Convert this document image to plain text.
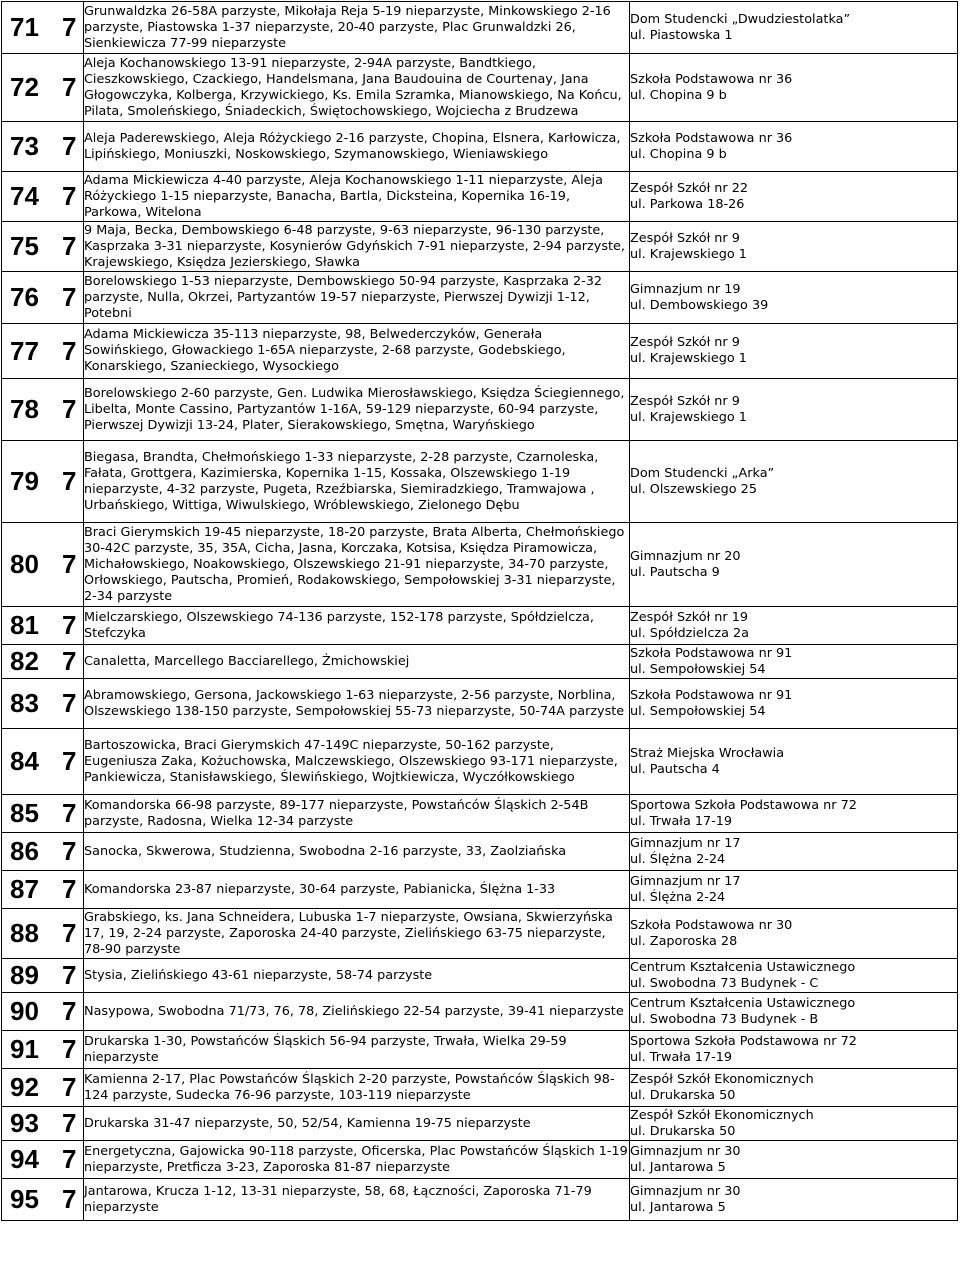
71 7	Grunwaldzka 26-58A parzyste, Mikołaja Reja 5-19 nieparzyste, Minkowskiego 2-16 parzyste, Piastowska 1-37 nieparzyste, 20-40 parzyste, Plac Grunwaldzki 26, Sienkiewicza 77-99 nieparzyste	Dom Studencki „Dwudziestolatka”
ul. Piastowska 1

72 7	Aleja Kochanowskiego 13-91 nieparzyste, 2-94A parzyste, Bandtkiego, Cieszkowskiego, Czackiego, Handelsmana, Jana Baudouina de Courtenay, Jana Głogowczyka, Kolberga, Krzywickiego, Ks. Emila Szramka, Mianowskiego, Na Końcu, Pilata, Smoleńskiego, Śniadeckich, Świętochowskiego, Wojciecha z Brudzewa	Szkoła Podstawowa nr 36
ul. Chopina 9 b

73 7	Aleja Paderewskiego, Aleja Różyckiego 2-16 parzyste, Chopina, Elsnera, Karłowicza, Lipińskiego, Moniuszki, Noskowskiego, Szymanowskiego, Wieniawskiego	Szkoła Podstawowa nr 36
ul. Chopina 9 b

74 7	Adama Mickiewicza 4-40 parzyste, Aleja Kochanowskiego 1-11 nieparzyste, Aleja Różyckiego 1-15 nieparzyste, Banacha, Bartla, Dicksteina, Kopernika 16-19, Parkowa, Witelona	Zespół Szkół nr 22
ul. Parkowa 18-26

75 7	9 Maja, Becka, Dembowskiego 6-48 parzyste, 9-63 nieparzyste, 96-130 parzyste, Kasprzaka 3-31 nieparzyste, Kosynierów Gdyńskich 7-91 nieparzyste, 2-94 parzyste, Krajewskiego, Księdza Jezierskiego, Sławka	Zespół Szkół nr 9
ul. Krajewskiego 1

76 7	Borelowskiego 1-53 nieparzyste, Dembowskiego 50-94 parzyste, Kasprzaka 2-32 parzyste, Nulla, Okrzei, Partyzantów 19-57 nieparzyste, Pierwszej Dywizji 1-12, Potebni	Gimnazjum nr 19
ul. Dembowskiego 39

77 7	Adama Mickiewicza 35-113 nieparzyste, 98, Belwederczyków, Generała Sowińskiego, Głowackiego 1-65A nieparzyste, 2-68 parzyste, Godebskiego, Konarskiego, Szanieckiego, Wysockiego	Zespół Szkół nr 9
ul. Krajewskiego 1

78 7	Borelowskiego 2-60 parzyste, Gen. Ludwika Mierosławskiego, Księdza Ściegiennego, Libelta, Monte Cassino, Partyzantów 1-16A, 59-129 nieparzyste, 60-94 parzyste, Pierwszej Dywizji 13-24, Plater, Sierakowskiego, Smętna, Waryńskiego	Zespół Szkół nr 9
ul. Krajewskiego 1

79 7	Biegasa, Brandta, Chełmońskiego 1-33 nieparzyste, 2-28 parzyste, Czarnoleska, Fałata, Grottgera, Kazimierska, Kopernika 1-15, Kossaka, Olszewskiego 1-19 nieparzyste, 4-32 parzyste, Pugeta, Rzeźbiarska, Siemiradzkiego, Tramwajowa , Urbańskiego, Wittiga, Wiwulskiego, Wróblewskiego, Zielonego Dębu	Dom Studencki „Arka”
ul. Olszewskiego 25

80 7	Braci Gierymskich 19-45 nieparzyste, 18-20 parzyste, Brata Alberta, Chełmońskiego 30-42C parzyste, 35, 35A, Cicha, Jasna, Korczaka, Kotsisa, Księdza Piramowicza, Michałowskiego, Noakowskiego, Olszewskiego 21-91 nieparzyste, 34-70 parzyste, Orłowskiego, Pautscha, Promień, Rodakowskiego, Sempołowskiej 3-31 nieparzyste, 2-34 parzyste	Gimnazjum nr 20
ul. Pautscha 9

81 7	Mielczarskiego, Olszewskiego 74-136 parzyste, 152-178 parzyste, Spółdzielcza, Stefczyka	Zespół Szkół nr 19
ul. Spółdzielcza 2a

82 7	Canaletta, Marcellego Bacciarellego, Żmichowskiej	Szkoła Podstawowa nr 91
ul. Sempołowskiej 54

83 7	Abramowskiego, Gersona, Jackowskiego 1-63 nieparzyste, 2-56 parzyste, Norblina, Olszewskiego 138-150 parzyste, Sempołowskiej 55-73 nieparzyste, 50-74A parzyste	Szkoła Podstawowa nr 91
ul. Sempołowskiej 54

84 7	Bartoszowicka, Braci Gierymskich 47-149C nieparzyste, 50-162 parzyste, Eugeniusza Zaka, Kożuchowska, Malczewskiego, Olszewskiego 93-171 nieparzyste, Pankiewicza, Stanisławskiego, Ślewińskiego, Wojtkiewicza, Wyczółkowskiego	Straż Miejska Wrocławia
ul. Pautscha 4

85 7	Komandorska 66-98 parzyste, 89-177 nieparzyste, Powstańców Śląskich 2-54B parzyste, Radosna, Wielka 12-34 parzyste	Sportowa Szkoła Podstawowa nr 72
ul. Trwała 17-19

86 7	Sanocka, Skwerowa, Studzienna, Swobodna 2-16 parzyste, 33, Zaolziańska	Gimnazjum nr 17
ul. Ślężna 2-24

87 7	Komandorska 23-87 nieparzyste, 30-64 parzyste, Pabianicka, Ślężna 1-33	Gimnazjum nr 17
ul. Ślężna 2-24

88 7	Grabskiego, ks. Jana Schneidera, Lubuska 1-7 nieparzyste, Owsiana, Skwierzyńska 17, 19, 2-24 parzyste, Zaporoska 24-40 parzyste, Zielińskiego 63-75 nieparzyste, 78-90 parzyste	Szkoła Podstawowa nr 30
ul. Zaporoska 28

89 7	Stysia, Zielińskiego 43-61 nieparzyste, 58-74 parzyste	Centrum Kształcenia Ustawicznego
ul. Swobodna 73 Budynek - C

90 7	Nasypowa, Swobodna 71/73, 76, 78, Zielińskiego 22-54 parzyste, 39-41 nieparzyste	Centrum Kształcenia Ustawicznego
ul. Swobodna 73 Budynek - B

91 7	Drukarska 1-30, Powstańców Śląskich 56-94 parzyste, Trwała, Wielka 29-59 nieparzyste	Sportowa Szkoła Podstawowa nr 72
ul. Trwała 17-19

92 7	Kamienna 2-17, Plac Powstańców Śląskich 2-20 parzyste, Powstańców Śląskich 98-124 parzyste, Sudecka 76-96 parzyste, 103-119 nieparzyste	Zespół Szkół Ekonomicznych
ul. Drukarska 50

93 7	Drukarska 31-47 nieparzyste, 50, 52/54, Kamienna 19-75 nieparzyste	Zespół Szkół Ekonomicznych
ul. Drukarska 50

94 7	Energetyczna, Gajowicka 90-118 parzyste, Oficerska, Plac Powstańców Śląskich 1-19 nieparzyste, Pretficza 3-23, Zaporoska 81-87 nieparzyste	Gimnazjum nr 30
ul. Jantarowa 5

95 7	Jantarowa, Krucza 1-12, 13-31 nieparzyste, 58, 68, Łączności, Zaporoska 71-79 nieparzyste	Gimnazjum nr 30
ul. Jantarowa 5
